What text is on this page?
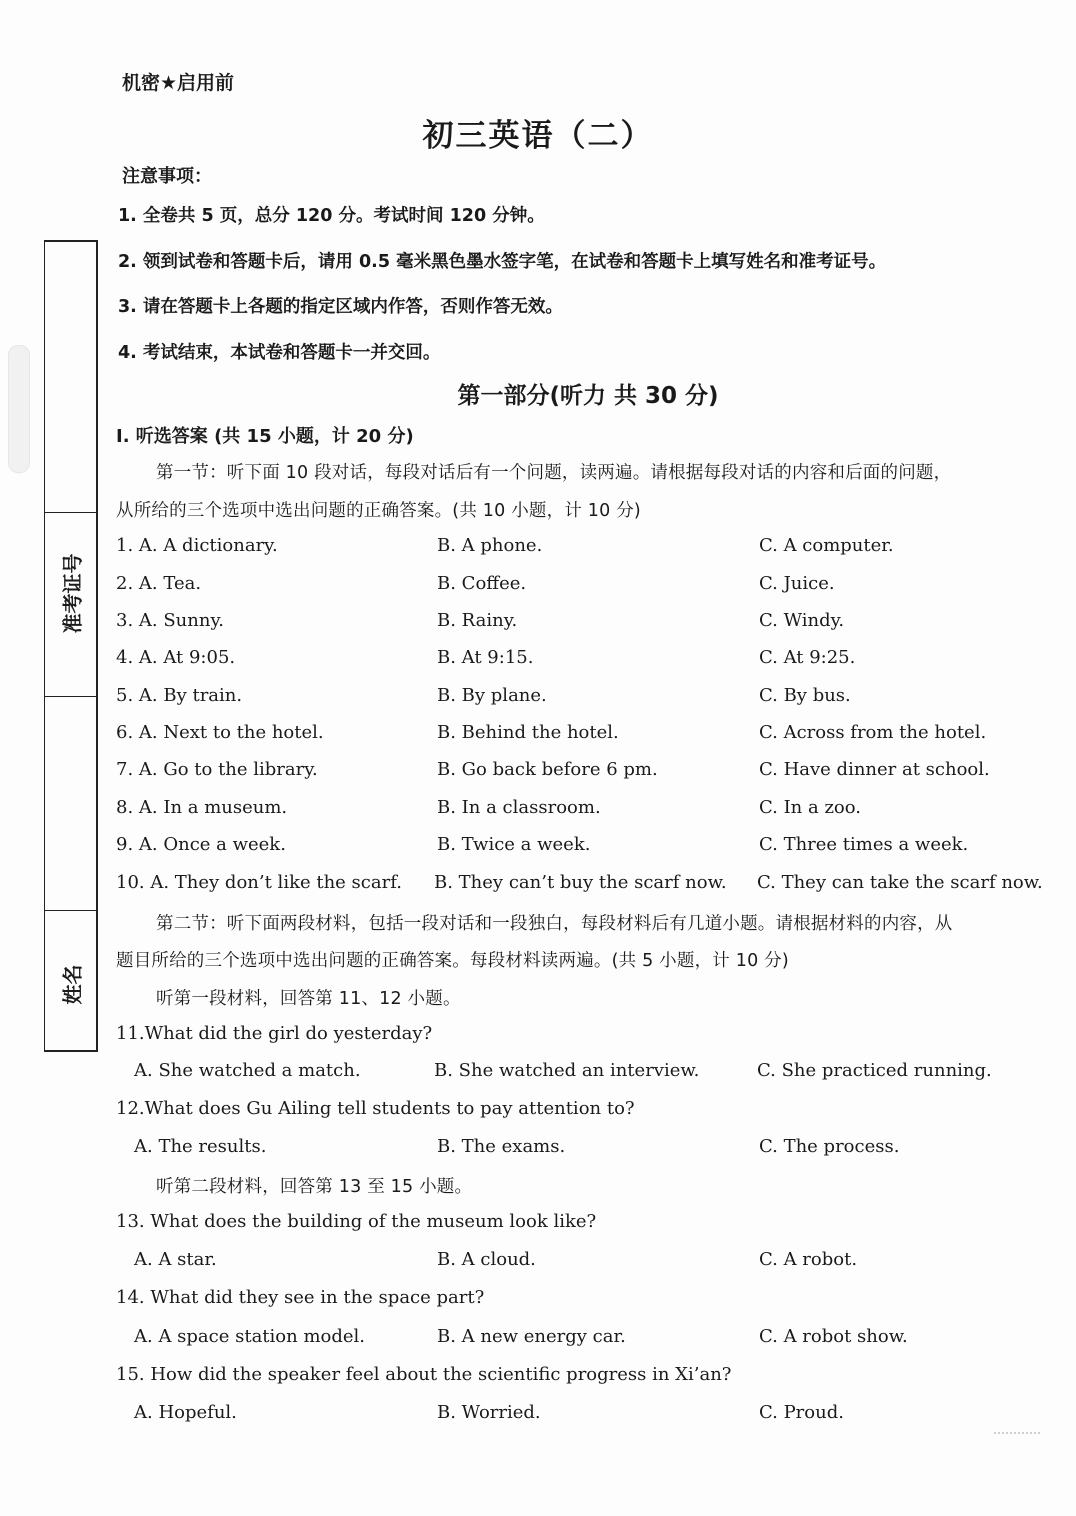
准考证号
姓名
机密★启用前
初三英语（二）
注意事项：
1. 全卷共 5 页，总分 120 分。考试时间 120 分钟。
2. 领到试卷和答题卡后，请用 0.5 毫米黑色墨水签字笔，在试卷和答题卡上填写姓名和准考证号。
3. 请在答题卡上各题的指定区域内作答，否则作答无效。
4. 考试结束，本试卷和答题卡一并交回。
第一部分(听力 共 30 分)
I. 听选答案 (共 15 小题，计 20 分)
第一节：听下面 10 段对话，每段对话后有一个问题，读两遍。请根据每段对话的内容和后面的问题，
从所给的三个选项中选出问题的正确答案。(共 10 小题，计 10 分)
1. A. A dictionary.	B. A phone.	C. A computer.
2. A. Tea.	B. Coffee.	C. Juice.
3. A. Sunny.	B. Rainy.	C. Windy.
4. A. At 9:05.	B. At 9:15.	C. At 9:25.
5. A. By train.	B. By plane.	C. By bus.
6. A. Next to the hotel.	B. Behind the hotel.	C. Across from the hotel.
7. A. Go to the library.	B. Go back before 6 pm.	C. Have dinner at school.
8. A. In a museum.	B. In a classroom.	C. In a zoo.
9. A. Once a week.	B. Twice a week.	C. Three times a week.
10. A. They don’t like the scarf. B. They can’t buy the scarf now. C. They can take the scarf now.
第二节：听下面两段材料，包括一段对话和一段独白，每段材料后有几道小题。请根据材料的内容，从
题目所给的三个选项中选出问题的正确答案。每段材料读两遍。(共 5 小题，计 10 分)
听第一段材料，回答第 11、12 小题。
11.What did the girl do yesterday?
A. She watched a match.	B. She watched an interview.	C. She practiced running.
12.What does Gu Ailing tell students to pay attention to?
A. The results.	B. The exams.	C. The process.
听第二段材料，回答第 13 至 15 小题。
13. What does the building of the museum look like?
A. A star.	B. A cloud.	C. A robot.
14. What did they see in the space part?
A. A space station model.	B. A new energy car.	C. A robot show.
15. How did the speaker feel about the scientific progress in Xi’an?
A. Hopeful.	B. Worried.	C. Proud.
